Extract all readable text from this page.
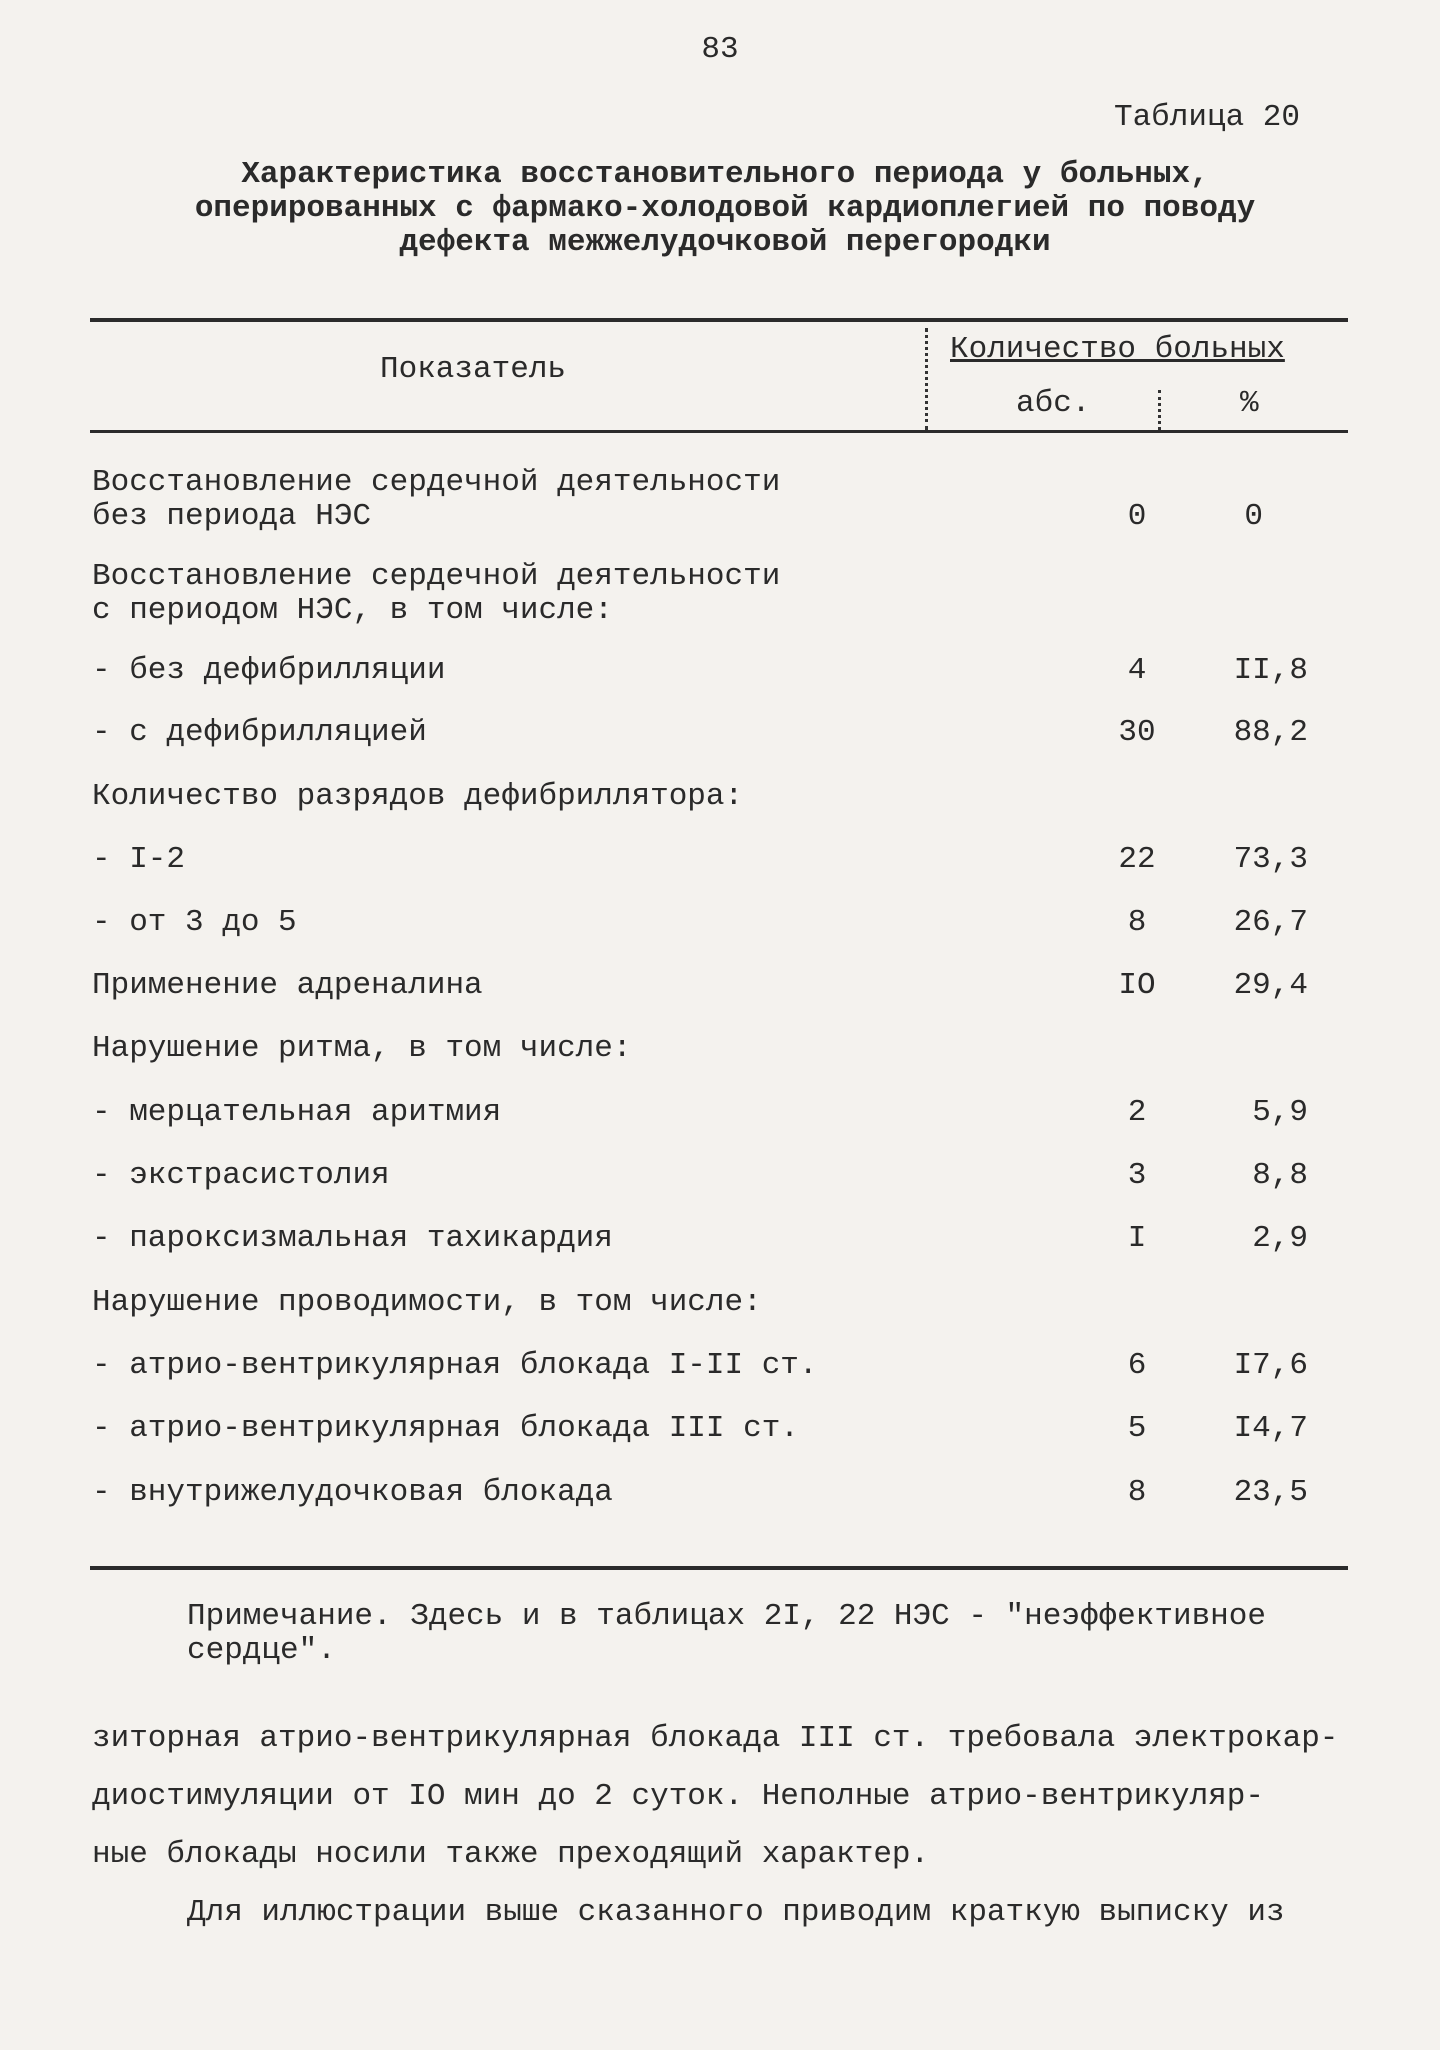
83
Таблица 20
Характеристика восстановительного периода у больных, оперированных с фармако-холодовой кардиоплегией по поводу дефекта межжелудочковой перегородки
Показатель
Количество больных
абс.	%
Восстановление сердечной деятельности
без периода НЭС	0	0
Восстановление сердечной деятельности
с периодом НЭС, в том числе:
- без дефибрилляции	4	II,8
- с дефибрилляцией	30	88,2
Количество разрядов дефибриллятора:
- I-2	22	73,3
- от 3 до 5	8	26,7
Применение адреналина	IO	29,4
Нарушение ритма, в том числе:
- мерцательная аритмия	2	5,9
- экстрасистолия	3	8,8
- пароксизмальная тахикардия	I	2,9
Нарушение проводимости, в том числе:
- атрио-вентрикулярная блокада I-II ст.	6	I7,6
- атрио-вентрикулярная блокада III ст.	5	I4,7
- внутрижелудочковая блокада	8	23,5
Примечание. Здесь и в таблицах 2I, 22 НЭС - "неэффективное сердце".
зиторная атрио-вентрикулярная блокада III ст. требовала электрокар-
диостимуляции от IO мин до 2 суток. Неполные атрио-вентрикуляр-
ные блокады носили также преходящий характер.
Для иллюстрации выше сказанного приводим краткую выписку из
